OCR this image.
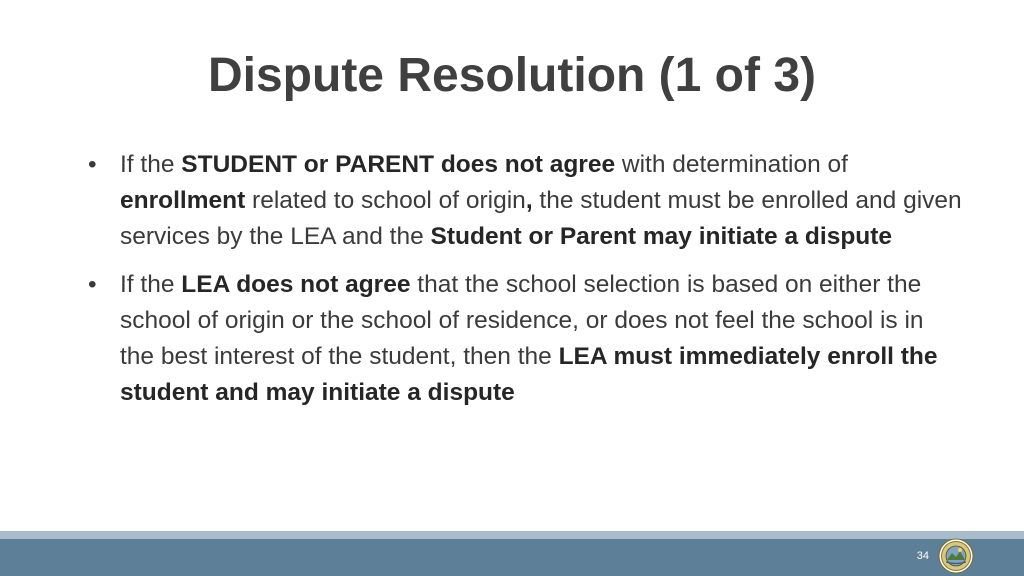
Dispute Resolution (1 of 3)
• If the STUDENT or PARENT does not agree with determination of enrollment related to school of origin, the student must be enrolled and given services by the LEA and the Student or Parent may initiate a dispute
• If the LEA does not agree that the school selection is based on either the school of origin or the school of residence, or does not feel the school is in the best interest of the student, then the LEA must immediately enroll the student and may initiate a dispute
34
